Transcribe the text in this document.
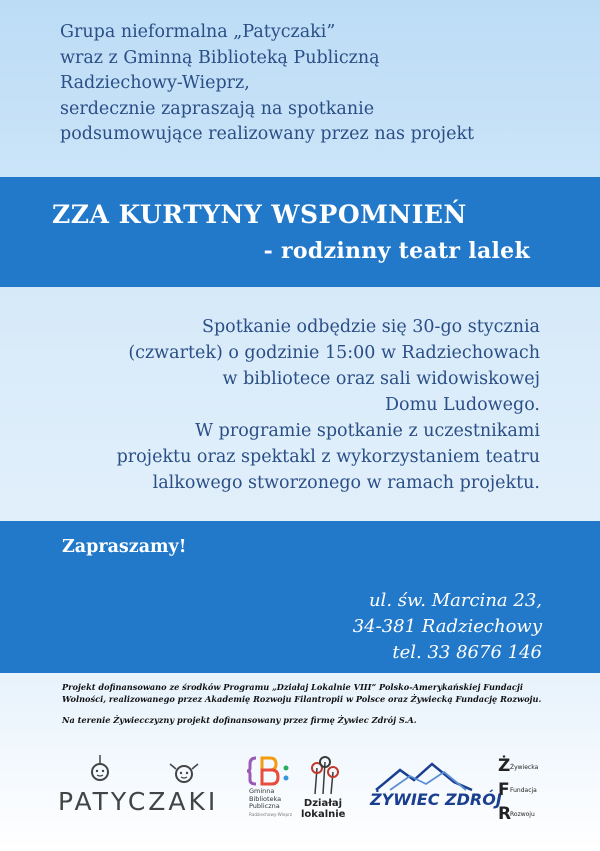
Grupa nieformalna „Patyczaki”
wraz z Gminną Biblioteką Publiczną
Radziechowy-Wieprz,
serdecznie zapraszają na spotkanie
podsumowujące realizowany przez nas projekt
ZZA KURTYNY WSPOMNIEŃ
- rodzinny teatr lalek
Spotkanie odbędzie się 30-go stycznia
(czwartek) o godzinie 15:00 w Radziechowach
w bibliotece oraz sali widowiskowej
Domu Ludowego.
W programie spotkanie z uczestnikami
projektu oraz spektakl z wykorzystaniem teatru
lalkowego stworzonego w ramach projektu.
Zapraszamy!
ul. św. Marcina 23,
34-381 Radziechowy
tel. 33 8676 146

Projekt dofinansowano ze środków Programu „Działaj Lokalnie VIII” Polsko-Amerykańskiej Fundacji Wolności, realizowanego przez Akademię Rozwoju Filantropii w Polsce oraz Żywiecką Fundację Rozwoju.

Na terenie Żywiecczyzny projekt dofinansowany przez firmę Żywiec Zdrój S.A.

PATYCZAKI	Gminna
Biblioteka
Publiczna
Radziechowy-Wieprz
Działaj
lokalnie
ŻYWIEC ZDRÓJ
Ż Żywiecka
F Fundacja
R
Rozwoju
